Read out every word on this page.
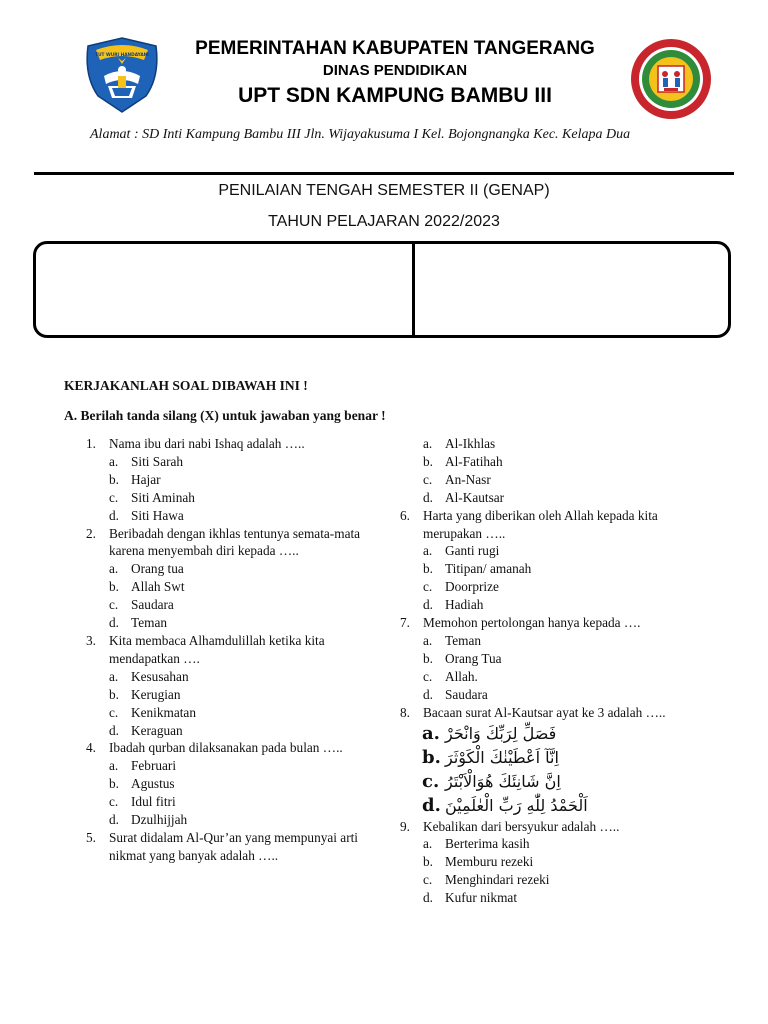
TUT WURI HANDAYANI	PEMERINTAHAN KABUPATEN TANGERANG
DINAS PENDIDIKAN
UPT SDN KAMPUNG BAMBU III
Alamat : SD Inti Kampung Bambu III Jln. Wijayakusuma I Kel. Bojongnangka Kec. Kelapa Dua
PENILAIAN TENGAH SEMESTER II (GENAP)
TAHUN PELAJARAN 2022/2023
KERJAKANLAH SOAL DIBAWAH INI !
A. Berilah tanda silang (X) untuk jawaban yang benar !
1. Nama ibu dari nabi Ishaq adalah …..
a. Siti Sarah
b. Hajar
c. Siti Aminah
d. Siti Hawa
2. Beribadah dengan ikhlas tentunya semata-mata karena menyembah diri kepada …..
a. Orang tua
b. Allah Swt
c. Saudara
d. Teman
3. Kita membaca Alhamdulillah ketika kita mendapatkan ….
a. Kesusahan
b. Kerugian
c. Kenikmatan
d. Keraguan
4. Ibadah qurban dilaksanakan pada bulan …..
a. Februari
b. Agustus
c. Idul fitri
d. Dzulhijjah
5. Surat didalam Al-Qur’an yang mempunyai arti nikmat yang banyak adalah …..
a. Al-Ikhlas
b. Al-Fatihah
c. An-Nasr
d. Al-Kautsar
6. Harta yang diberikan oleh Allah kepada kita merupakan …..
a. Ganti rugi
b. Titipan/ amanah
c. Doorprize
d. Hadiah
7. Memohon pertolongan hanya kepada ….
a. Teman
b. Orang Tua
c. Allah.
d. Saudara
8. Bacaan surat Al-Kautsar ayat ke 3 adalah …..
a. فَصَلِّ لِرَبِّكَ وَانْحَرْ
b. اِنَّآ اَعْطَيْنٰكَ الْكَوْثَرَ
c. اِنَّ شَانِئَكَ هُوَالْاَبْتَرُ
d. اَلْحَمْدُ لِلّٰهِ رَبِّ الْعٰلَمِيْنَ
9. Kebalikan dari bersyukur adalah …..
a. Berterima kasih
b. Memburu rezeki
c. Menghindari rezeki
d. Kufur nikmat
